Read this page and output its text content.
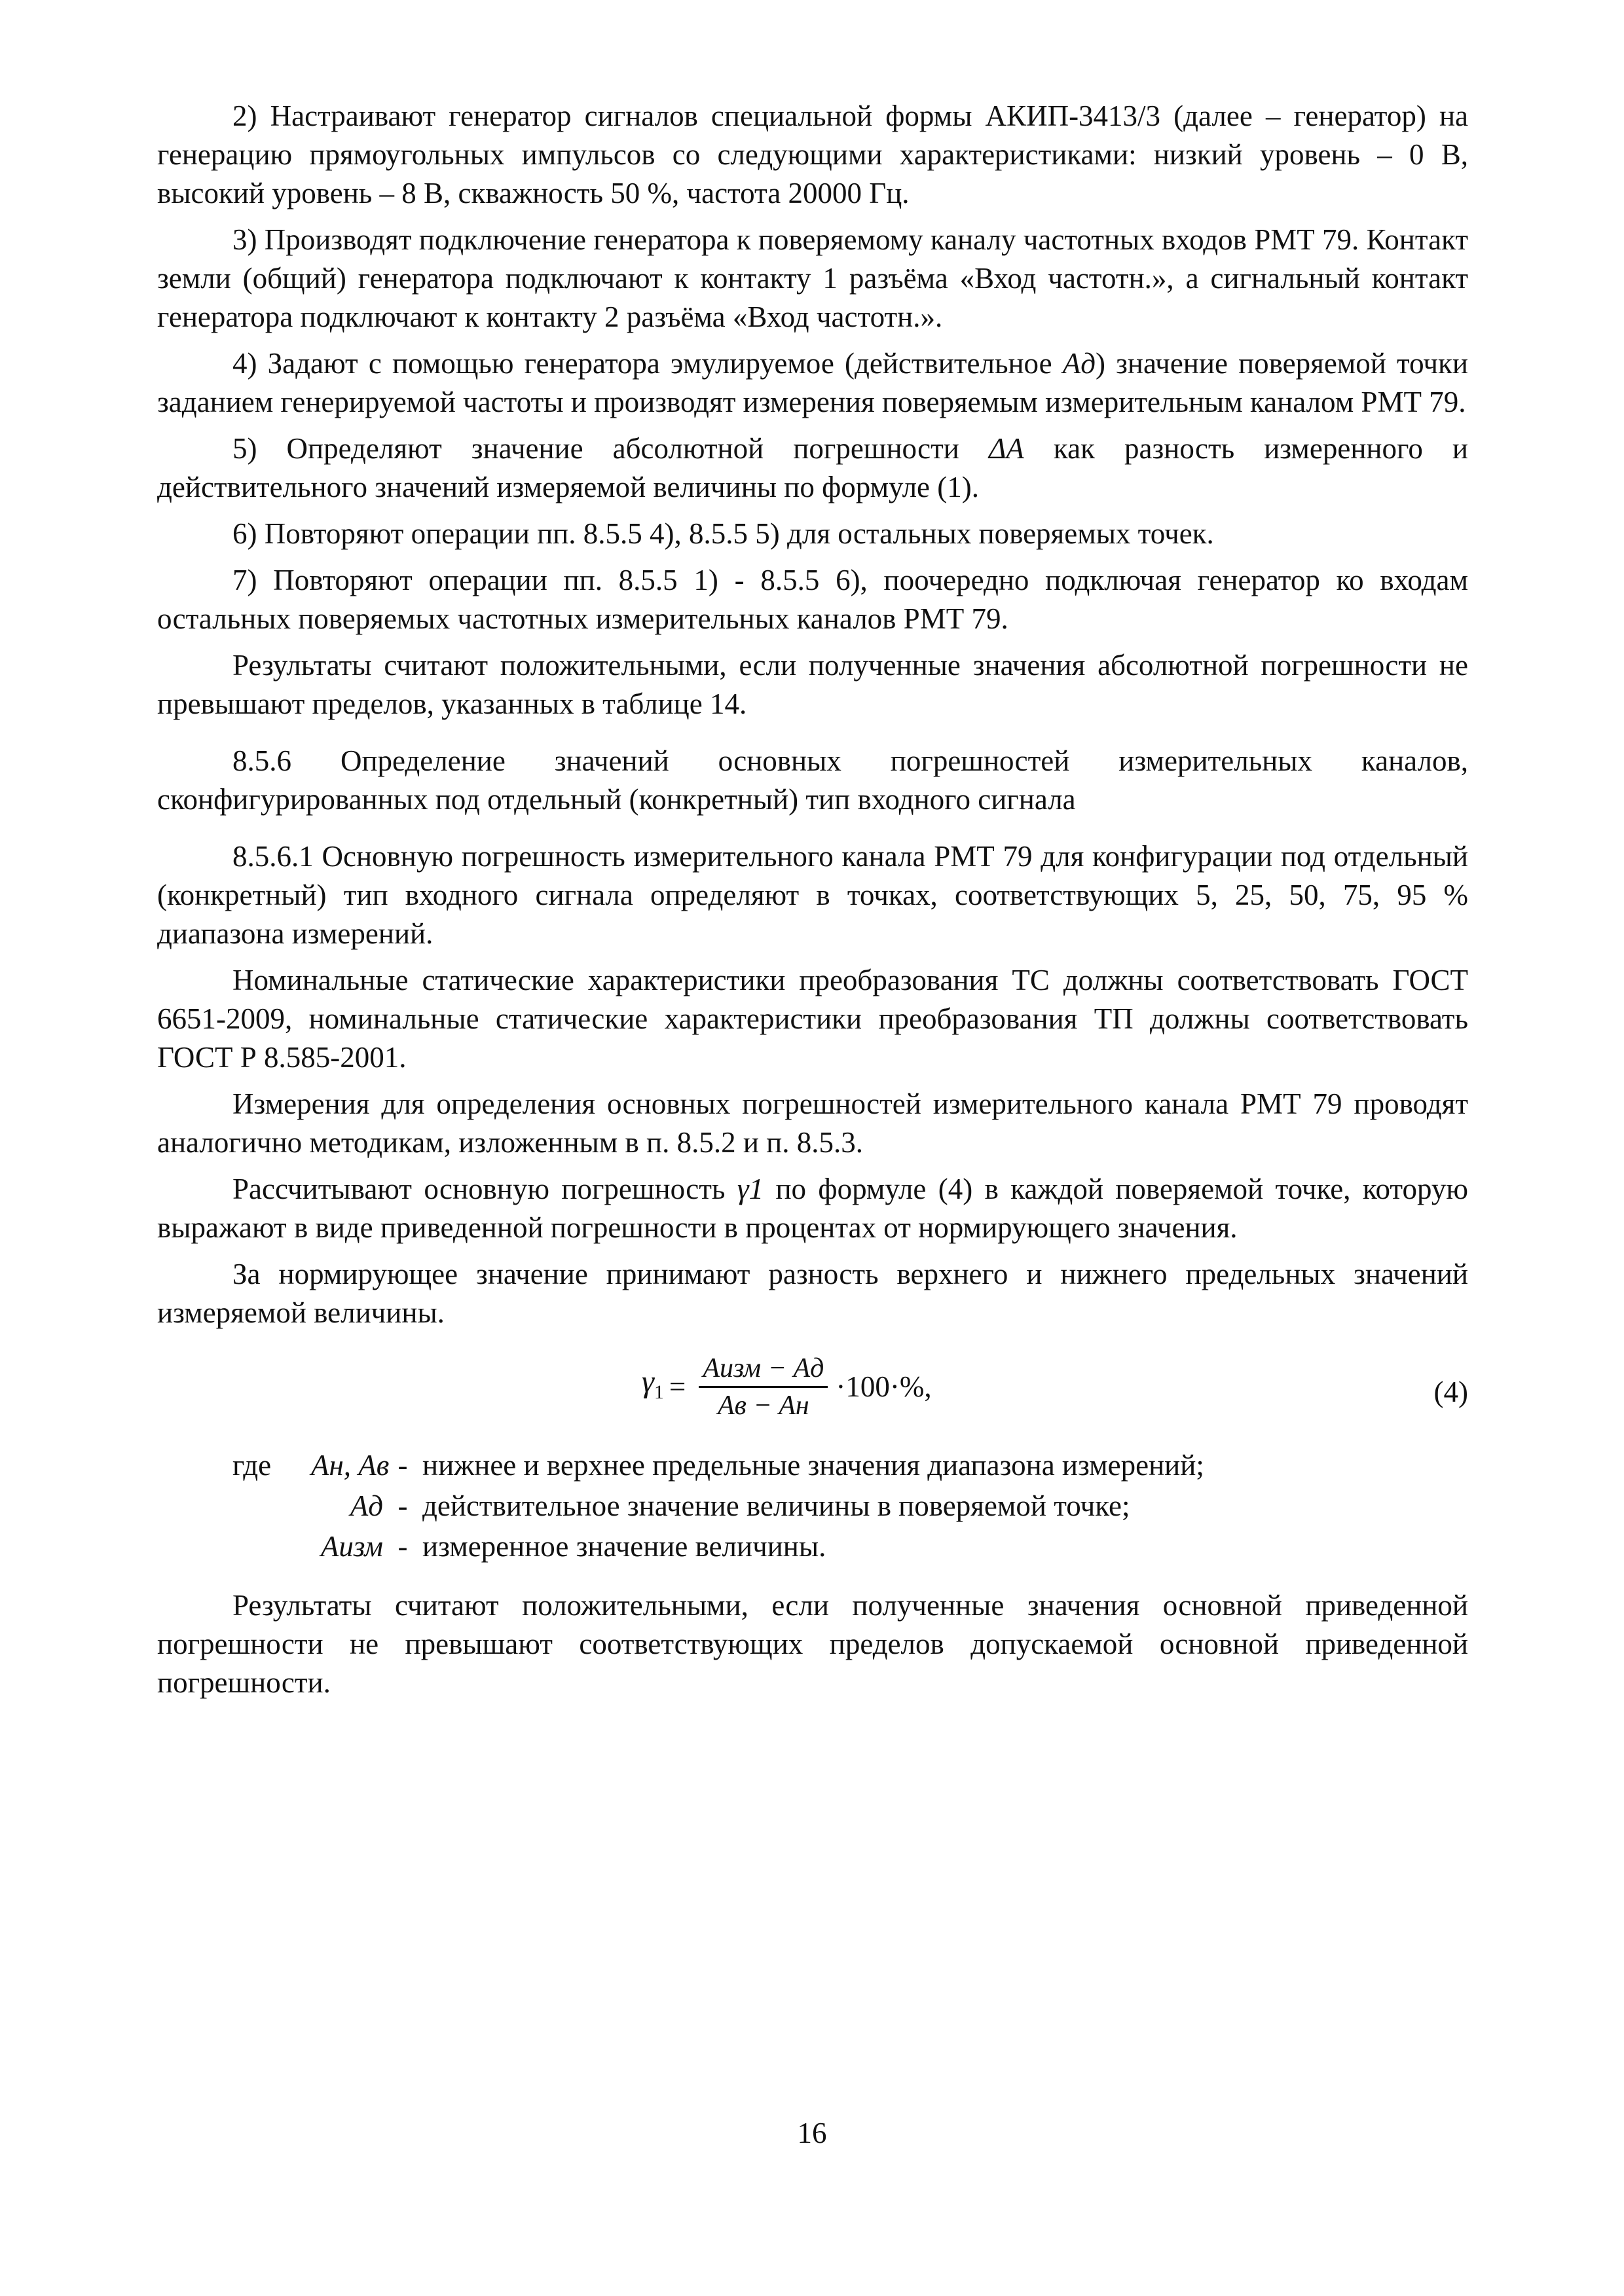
2) Настраивают генератор сигналов специальной формы АКИП-3413/3 (далее – генератор) на генерацию прямоугольных импульсов со следующими характеристиками: низкий уровень – 0 В, высокий уровень – 8 В, скважность 50 %, частота 20000 Гц.

3) Производят подключение генератора к поверяемому каналу частотных входов РМТ 79. Контакт земли (общий) генератора подключают к контакту 1 разъёма «Вход частотн.», а сигнальный контакт генератора подключают к контакту 2 разъёма «Вход частотн.».

4) Задают с помощью генератора эмулируемое (действительное Aд) значение поверяемой точки заданием генерируемой частоты и производят измерения поверяемым измерительным каналом РМТ 79.

5) Определяют значение абсолютной погрешности ΔA как разность измеренного и действительного значений измеряемой величины по формуле (1).

6) Повторяют операции пп. 8.5.5 4), 8.5.5 5) для остальных поверяемых точек.

7) Повторяют операции пп. 8.5.5 1) - 8.5.5 6), поочередно подключая генератор ко входам остальных поверяемых частотных измерительных каналов РМТ 79.

Результаты считают положительными, если полученные значения абсолютной погрешности не превышают пределов, указанных в таблице 14.

8.5.6 Определение значений основных погрешностей измерительных каналов, сконфигурированных под отдельный (конкретный) тип входного сигнала

8.5.6.1 Основную погрешность измерительного канала РМТ 79 для конфигурации под отдельный (конкретный) тип входного сигнала определяют в точках, соответствующих 5, 25, 50, 75, 95 % диапазона измерений.

Номинальные статические характеристики преобразования ТС должны соответствовать ГОСТ 6651-2009, номинальные статические характеристики преобразования ТП должны соответствовать ГОСТ Р 8.585-2001.

Измерения для определения основных погрешностей измерительного канала РМТ 79 проводят аналогично методикам, изложенным в п. 8.5.2 и п. 8.5.3.

Рассчитывают основную погрешность γ1 по формуле (4) в каждой поверяемой точке, которую выражают в виде приведенной погрешности в процентах от нормирующего значения.

За нормирующее значение принимают разность верхнего и нижнего предельных значений измеряемой величины.

$\gamma_1 = \frac{\text{Aизм − Aд}}{Aв - Aн} \cdot 100\cdot\%$,	(4)
где	Aн, Aв - нижнее и верхнее предельные значения диапазона измерений;
Aд - действительное значение величины в поверяемой точке;
Aизм - измеренное значение величины.

Результаты считают положительными, если полученные значения основной приведенной погрешности не превышают соответствующих пределов допускаемой основной приведенной погрешности.

16
